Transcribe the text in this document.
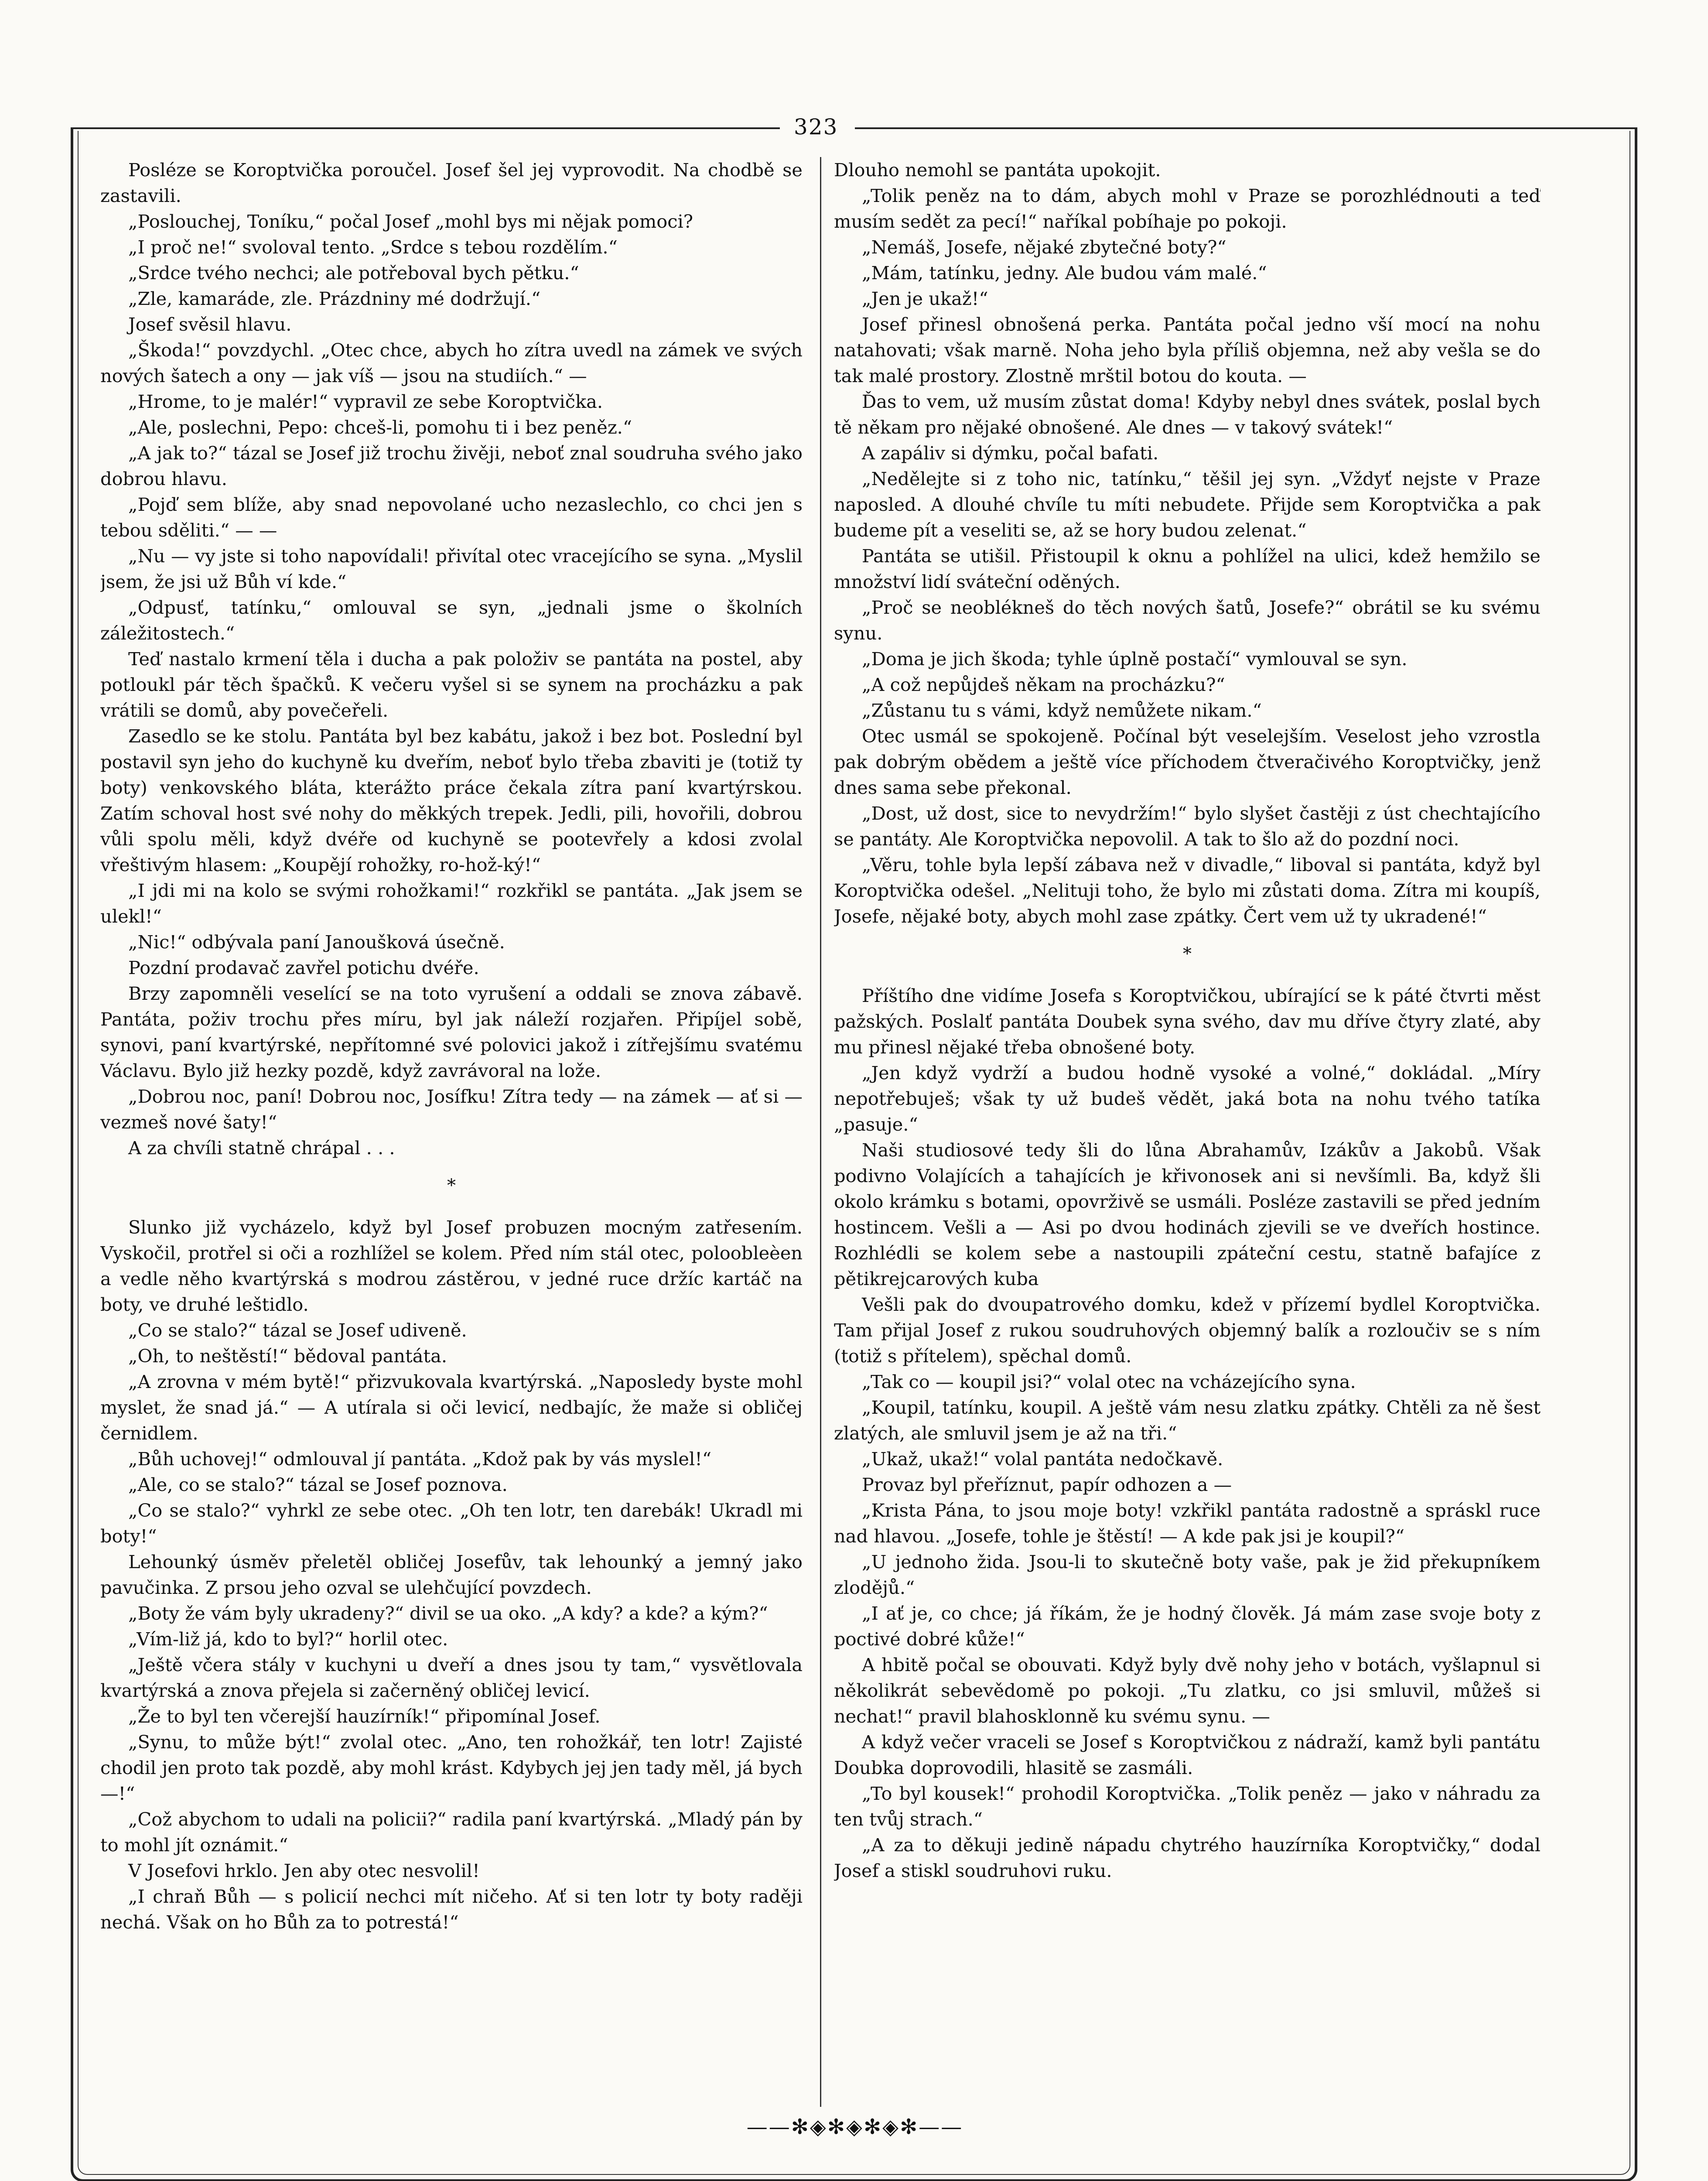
323

Posléze se Koroptvička poroučel. Josef šel jej vyprovodit. Na chodbě se zastavili.

„Poslouchej, Toníku,“ počal Josef „mohl bys mi nějak pomoci?

„I proč ne!“ svoloval tento. „Srdce s tebou rozdělím.“

„Srdce tvého nechci; ale potřeboval bych pětku.“

„Zle, kamaráde, zle. Prázdniny mé dodržují.“

Josef svěsil hlavu.

„Škoda!“ povzdychl. „Otec chce, abych ho zítra uvedl na zámek ve svých nových šatech a ony — jak víš — jsou na studiích.“ —

„Hrome, to je malér!“ vypravil ze sebe Koroptvička.

„Ale, poslechni, Pepo: chceš-li, pomohu ti i bez peněz.“

„A jak to?“ tázal se Josef již trochu živěji, neboť znal soudruha svého jako dobrou hlavu.

„Pojď sem blíže, aby snad nepovolané ucho nezaslechlo, co chci jen s tebou sděliti.“ — —

„Nu — vy jste si toho napovídali! přivítal otec vracejícího se syna. „Myslil jsem, že jsi už Bůh ví kde.“

„Odpusť, tatínku,“ omlouval se syn, „jednali jsme o školních záležitostech.“

Teď nastalo krmení těla i ducha a pak položiv se pantáta na postel, aby potloukl pár těch špačků. K večeru vyšel si se synem na procházku a pak vrátili se domů, aby povečeřeli.

Zasedlo se ke stolu. Pantáta byl bez kabátu, jakož i bez bot. Poslední byl postavil syn jeho do kuchyně ku dveřím, neboť bylo třeba zbaviti je (totiž ty boty) venkovského bláta, kterážto práce čekala zítra paní kvartýrskou. Zatím schoval host své nohy do měkkých trepek. Jedli, pili, hovořili, dobrou vůli spolu měli, když dvéře od kuchyně se pootevřely a kdosi zvolal vřeštivým hlasem: „Koupějí rohožky, ro-hož-ký!“

„I jdi mi na kolo se svými rohožkami!“ rozkřikl se pantáta. „Jak jsem se ulekl!“

„Nic!“ odbývala paní Janoušková úsečně.

Pozdní prodavač zavřel potichu dvéře.

Brzy zapomněli veselící se na toto vyrušení a oddali se znova zábavě. Pantáta, poživ trochu přes míru, byl jak náleží rozjařen. Připíjel sobě, synovi, paní kvartýrské, nepřítomné své polovici jakož i zítřejšímu svatému Václavu. Bylo již hezky pozdě, když zavrávoral na lože.

„Dobrou noc, paní! Dobrou noc, Josífku! Zítra tedy — na zámek — ať si — vezmeš nové šaty!“

A za chvíli statně chrápal . . .

*

Slunko již vycházelo, když byl Josef probuzen mocným zatřesením. Vyskočil, protřel si oči a rozhlížel se kolem. Před ním stál otec, poloobleèen a vedle něho kvartýrská s modrou zástěrou, v jedné ruce držíc kartáč na boty, ve druhé leštidlo.

„Co se stalo?“ tázal se Josef udiveně.

„Oh, to neštěstí!“ bědoval pantáta.

„A zrovna v mém bytě!“ přizvukovala kvartýrská. „Naposledy byste mohl myslet, že snad já.“ — A utírala si oči levicí, nedbajíc, že maže si obličej černidlem.

„Bůh uchovej!“ odmlouval jí pantáta. „Kdož pak by vás myslel!“

„Ale, co se stalo?“ tázal se Josef poznova.

„Co se stalo?“ vyhrkl ze sebe otec. „Oh ten lotr, ten darebák! Ukradl mi boty!“

Lehounký úsměv přeletěl obličej Josefův, tak lehounký a jemný jako pavučinka. Z prsou jeho ozval se ulehčující povzdech.

„Boty že vám byly ukradeny?“ divil se ua oko. „A kdy? a kde? a kým?“

„Vím-liž já, kdo to byl?“ horlil otec.

„Ještě včera stály v kuchyni u dveří a dnes jsou ty tam,“ vysvětlovala kvartýrská a znova přejela si začerněný obličej levicí.

„Že to byl ten včerejší hauzírník!“ připomínal Josef.

„Synu, to může být!“ zvolal otec. „Ano, ten rohožkář, ten lotr! Zajisté chodil jen proto tak pozdě, aby mohl krást. Kdybych jej jen tady měl, já bych —!“

„Což abychom to udali na policii?“ radila paní kvartýrská. „Mladý pán by to mohl jít oznámit.“

V Josefovi hrklo. Jen aby otec nesvolil!

„I chraň Bůh — s policií nechci mít ničeho. Ať si ten lotr ty boty raději nechá. Však on ho Bůh za to potrestá!“

Dlouho nemohl se pantáta upokojit.

„Tolik peněz na to dám, abych mohl v Praze se porozhlédnouti a teď musím sedět za pecí!“ naříkal pobíhaje po pokoji.

„Nemáš, Josefe, nějaké zbytečné boty?“

„Mám, tatínku, jedny. Ale budou vám malé.“

„Jen je ukaž!“

Josef přinesl obnošená perka. Pantáta počal jedno vší mocí na nohu natahovati; však marně. Noha jeho byla příliš objemna, než aby vešla se do tak malé prostory. Zlostně mrštil botou do kouta. —

Ďas to vem, už musím zůstat doma! Kdyby nebyl dnes svátek, poslal bych tě někam pro nějaké obnošené. Ale dnes — v takový svátek!“

A zapáliv si dýmku, počal bafati.

„Nedělejte si z toho nic, tatínku,“ těšil jej syn. „Vždyť nejste v Praze naposled. A dlouhé chvíle tu míti nebudete. Přijde sem Koroptvička a pak budeme pít a veseliti se, až se hory budou zelenat.“

Pantáta se utišil. Přistoupil k oknu a pohlížel na ulici, kdež hemžilo se množství lidí sváteční oděných.

„Proč se neobléknеš do těch nových šatů, Josefe?“ obrátil se ku svému synu.

„Doma je jich škoda; tyhle úplně postačí“ vymlouval se syn.

„A což nepůjdeš někam na procházku?“

„Zůstanu tu s vámi, když nemůžete nikam.“

Otec usmál se spokojeně. Počínal být veselejším. Veselost jeho vzrostla pak dobrým obědem a ještě více příchodem čtveračivého Koroptvičky, jenž dnes sama sebe překonal.

„Dost, už dost, sice to nevydržím!“ bylo slyšet častěji z úst chechtajícího se pantáty. Ale Koroptvička nepovolil. A tak to šlo až do pozdní noci.

„Věru, tohle byla lepší zábava než v divadle,“ liboval si pantáta, když byl Koroptvička odešel. „Nelituji toho, že bylo mi zůstati doma. Zítra mi koupíš, Josefe, nějaké boty, abych mohl zase zpátky. Čert vem už ty ukradené!“

*

Příštího dne vidíme Josefa s Koroptvičkou, ubírající se k páté čtvrti měst pažských. Poslalť pantáta Doubek syna svého, dav mu dříve čtyry zlaté, aby mu přinesl nějaké třeba obnošené boty.

„Jen když vydrží a budou hodně vysoké a volné,“ dokládal. „Míry nepotřebuješ; však ty už budeš vědět, jaká bota na nohu tvého tatíka „pasuje.“

Naši studiosové tedy šli do lůna Abrahamův, Izákův a Jakobů. Však podivno Volajících a tahajících je křivonosek ani si nevšímli. Ba, když šli okolo krámku s botami, opovrživě se usmáli. Posléze zastavili se před jedním hostincem. Vešli a — Asi po dvou hodinách zjevili se ve dveřích hostince. Rozhlédli se kolem sebe a nastoupili zpáteční cestu, statně bafajíce z pětikrejcarových kuba

Vešli pak do dvoupatrového domku, kdež v přízemí bydlel Koroptvička. Tam přijal Josef z rukou soudruhových objemný balík a rozloučiv se s ním (totiž s přítelem), spěchal domů.

„Tak co — koupil jsi?“ volal otec na vcházejícího syna.

„Koupil, tatínku, koupil. A ještě vám nesu zlatku zpátky. Chtěli za ně šest zlatých, ale smluvil jsem je až na tři.“

„Ukaž, ukaž!“ volal pantáta nedočkavě.

Provaz byl přeříznut, papír odhozen a —

„Krista Pána, to jsou moje boty! vzkřikl pantáta radostně a spráskl ruce nad hlavou. „Josefe, tohle je štěstí! — A kde pak jsi je koupil?“

„U jednoho žida. Jsou-li to skutečně boty vaše, pak je žid překupníkem zlodějů.“

„I ať je, co chce; já říkám, že je hodný člověk. Já mám zase svoje boty z poctivé dobré kůže!“

A hbitě počal se obouvati. Když byly dvě nohy jeho v botách, vyšlapnul si několikrát sebevědomě po pokoji. „Tu zlatku, co jsi smluvil, můžeš si nechat!“ pravil blahosklonně ku svému synu. —

A když večer vraceli se Josef s Koroptvičkou z nádraží, kamž byli pantátu Doubka doprovodili, hlasitě se zasmáli.

„To byl kousek!“ prohodil Koroptvička. „Tolik peněz — jako v náhradu za ten tvůj strach.“

„A za to děkuji jedině nápadu chytrého hauzírníka Koroptvičky,“ dodal Josef a stiskl soudruhovi ruku.

——✻◈✻◈✻◈✻——
